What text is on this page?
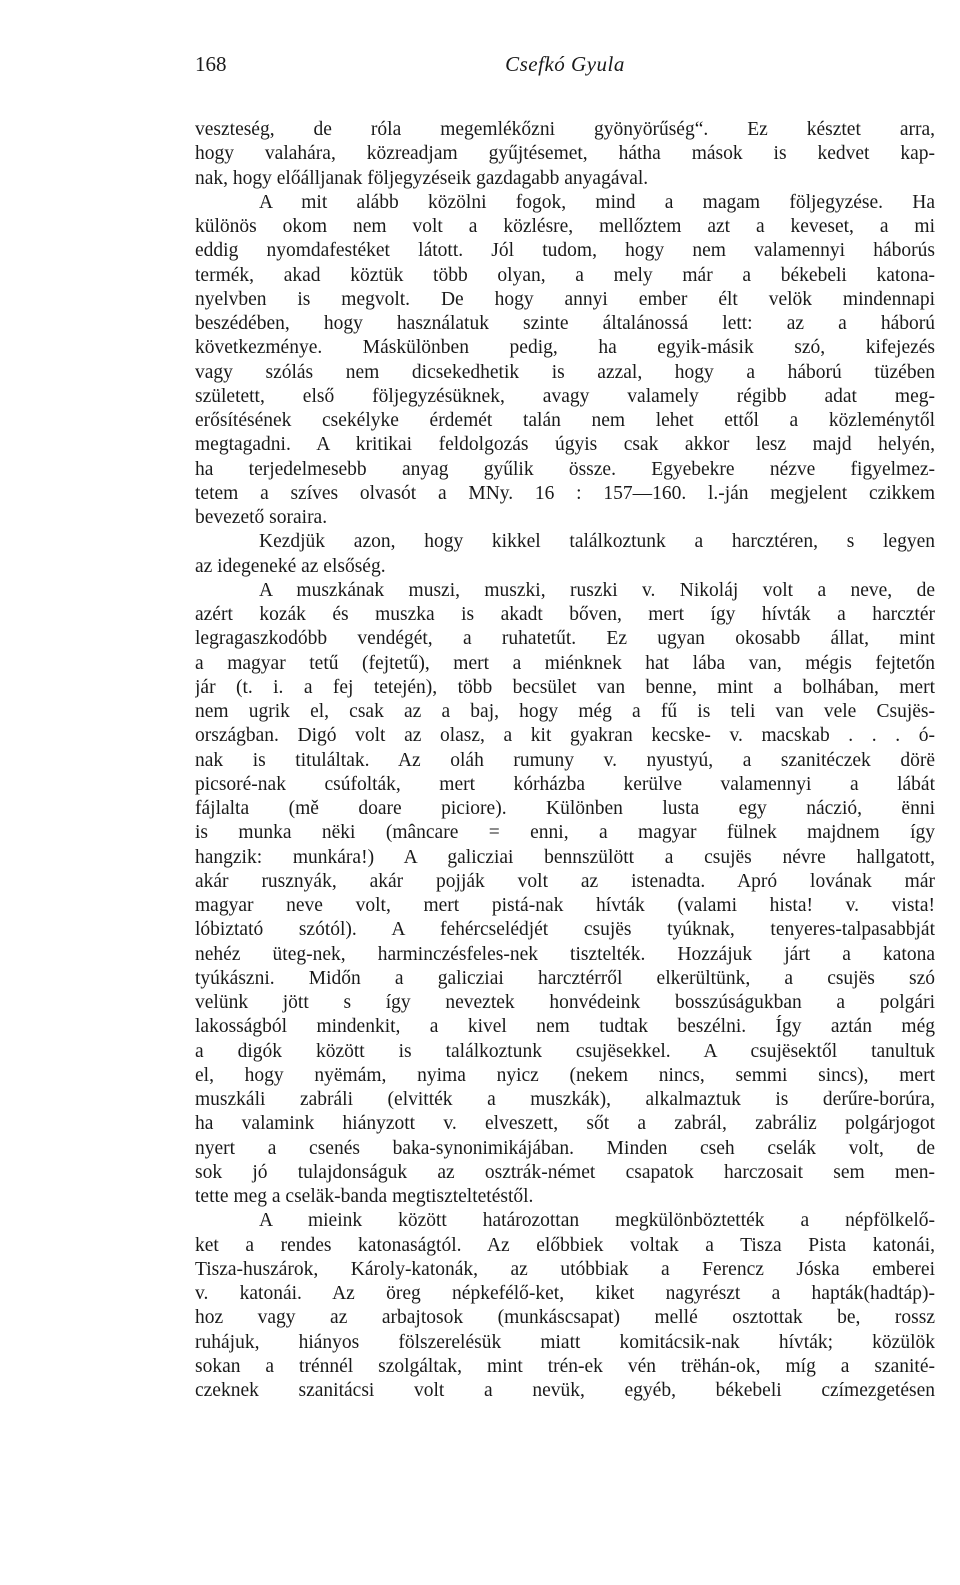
168	Csefkó Gyula
veszteség, de róla megemlékőzni gyönyörűség“. Ez késztet arra,
hogy valahára, közreadjam gyűjtésemet, hátha mások is kedvet kap-
nak, hogy előálljanak följegyzéseik gazdagabb anyagával.
A mit alább közölni fogok, mind a magam följegyzése. Ha
különös okom nem volt a közlésre, mellőztem azt a keveset, a mi
eddig nyomdafestéket látott. Jól tudom, hogy nem valamennyi háborús
termék, akad köztük több olyan, a mely már a békebeli katona-
nyelvben is megvolt. De hogy annyi ember élt velök mindennapi
beszédében, hogy használatuk szinte általánossá lett: az a háború
következménye. Máskülönben pedig, ha egyik-másik szó, kifejezés
vagy szólás nem dicsekedhetik is azzal, hogy a háború tüzében
született, első följegyzésüknek, avagy valamely régibb adat meg-
erősítésének csekélyke érdemét talán nem lehet ettől a közleménytől
megtagadni. A kritikai feldolgozás úgyis csak akkor lesz majd helyén,
ha terjedelmesebb anyag gyűlik össze. Egyebekre nézve figyelmez-
tetem a szíves olvasót a MNy. 16 : 157—160. l.-ján megjelent czikkem
bevezető soraira.
Kezdjük azon, hogy kikkel találkoztunk a harcztéren, s legyen
az idegeneké az elsőség.
A muszkának muszi, muszki, ruszki v. Nikoláj volt a neve, de
azért kozák és muszka is akadt bőven, mert így hívták a harcztér
legragaszkodóbb vendégét, a ruhatetűt. Ez ugyan okosabb állat, mint
a magyar tetű (fejtetű), mert a miénknek hat lába van, mégis fejtetőn
jár (t. i. a fej tetején), több becsület van benne, mint a bolhában, mert
nem ugrik el, csak az a baj, hogy még a fű is teli van vele Csujës-
országban. Digó volt az olasz, a kit gyakran kecske- v. macskab . . . ó-
nak is tituláltak. Az oláh rumuny v. nyustyú, a szanitéczek dörë
picsoré-nak csúfolták, mert kórházba kerülve valamennyi a lábát
fájlalta (mě doare piciore). Különben lusta egy náczió, ënni
is munka nëki (mâncare = enni, a magyar fülnek majdnem így
hangzik: munkára!) A galicziai bennszülött a csujës névre hallgatott,
akár rusznyák, akár pojják volt az istenadta. Apró lovának már
magyar neve volt, mert pistá-nak hívták (valami hista! v. vista!
lóbiztató szótól). A fehércselédjét csujës tyúknak, tenyeres-talpasabbját
nehéz üteg-nek, harminczésfeles-nek tisztelték. Hozzájuk járt a katona
tyúkászni. Midőn a galicziai harcztérről elkerültünk, a csujës szó
velünk jött s így neveztek honvédeink bosszúságukban a polgári
lakosságból mindenkit, a kivel nem tudtak beszélni. Így aztán még
a digók között is találkoztunk csujësekkel. A csujësektől tanultuk
el, hogy nyëmám, nyima nyicz (nekem nincs, semmi sincs), mert
muszkáli zabráli (elvitték a muszkák), alkalmaztuk is derűre-borúra,
ha valamink hiányzott v. elveszett, sőt a zabrál, zabráliz polgárjogot
nyert a csenés baka-synonimikájában. Minden cseh cselák volt, de
sok jó tulajdonságuk az osztrák-német csapatok harczosait sem men-
tette meg a cseläk-banda megtiszteltetéstől.
A mieink között határozottan megkülönböztették a népfölkelő-
ket a rendes katonaságtól. Az előbbiek voltak a Tisza Pista katonái,
Tisza-huszárok, Károly-katonák, az utóbbiak a Ferencz Jóska emberei
v. katonái. Az öreg népkefélő-ket, kiket nagyrészt a hapták(hadtáp)-
hoz vagy az arbajtosok (munkáscsapat) mellé osztottak be, rossz
ruhájuk, hiányos fölszerelésük miatt komitácsik-nak hívták; közülök
sokan a trénnél szolgáltak, mint trén-ek vén trëhán-ok, míg a szanité-
czeknek szanitácsi volt a nevük, egyéb, békebeli czímezgetésen
